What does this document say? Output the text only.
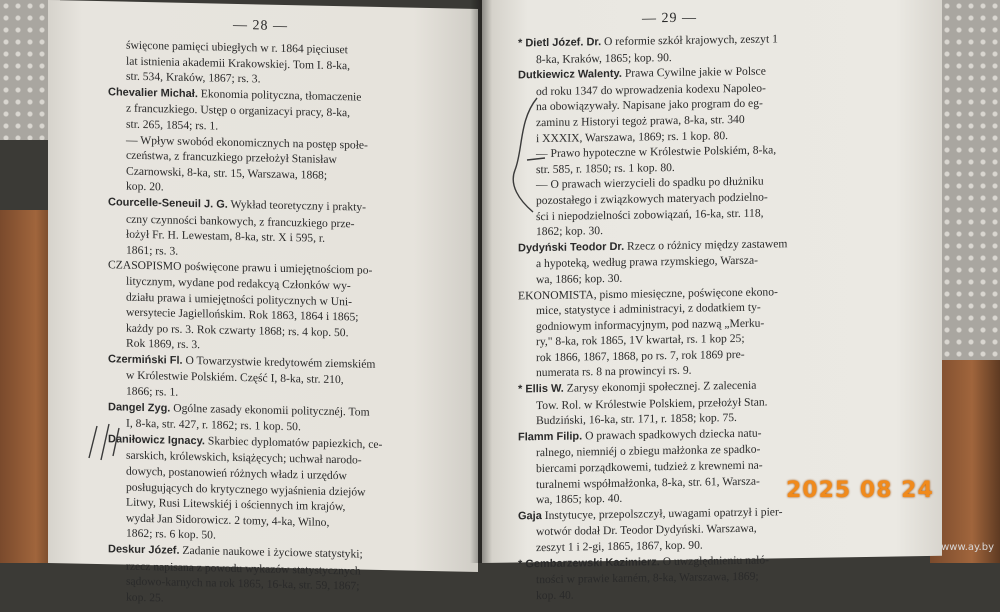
— 28 —
święcone pamięci ubiegłych w r. 1864 pięciuset
lat istnienia akademii Krakowskiej. Tom I. 8-ka,
str. 534, Kraków, 1867; rs. 3.
Chevalier Michał. Ekonomia polityczna, tłomaczenie
z francuzkiego. Ustęp o organizacyi pracy, 8-ka,
str. 265, 1854; rs. 1.
— Wpływ swobód ekonomicznych na postęp społe-
czeństwa, z francuzkiego przełożył Stanisław
Czarnowski, 8-ka, str. 15, Warszawa, 1868;
kop. 20.
Courcelle-Seneuil J. G. Wykład teoretyczny i prakty-
czny czynności bankowych, z francuzkiego prze-
łożył Fr. H. Lewestam, 8-ka, str. X i 595, r.
1861; rs. 3.
CZASOPISMO poświęcone prawu i umiejętnościom po-
litycznym, wydane pod redakcyą Członków wy-
działu prawa i umiejętności politycznych w Uni-
wersytecie Jagiellońskim. Rok 1863, 1864 i 1865;
każdy po rs. 3. Rok czwarty 1868; rs. 4 kop. 50.
Rok 1869, rs. 3.
Czermiński Fl. O Towarzystwie kredytowém ziemskiém
w Królestwie Polskiém. Część I, 8-ka, str. 210,
1866; rs. 1.
Dangel Zyg. Ogólne zasady ekonomii politycznéj. Tom
I, 8-ka, str. 427, r. 1862; rs. 1 kop. 50.
Daniłowicz Ignacy. Skarbiec dyplomatów papiezkich, ce-
sarskich, królewskich, książęcych; uchwał narodo-
dowych, postanowień różnych władz i urzędów
posługujących do krytycznego wyjaśnienia dziejów
Litwy, Rusi Litewskiéj i ościennych im krajów,
wydał Jan Sidorowicz. 2 tomy, 4-ka, Wilno,
1862; rs. 6 kop. 50.
Deskur Józef. Zadanie naukowe i życiowe statystyki;
rzecz napisana z powodu wykazów statystycznych
sądowo-karnych na rok 1865, 16-ka, str. 59, 1867;
kop. 25.
— 29 —
* Dietl Józef. Dr. O reformie szkół krajowych, zeszyt 1
8-ka, Kraków, 1865; kop. 90.
Dutkiewicz Walenty. Prawa Cywilne jakie w Polsce
od roku 1347 do wprowadzenia kodexu Napoleo-
na obowiązywały. Napisane jako program do eg-
zaminu z Historyi tegoż prawa, 8-ka, str. 340
i XXXIX, Warszawa, 1869; rs. 1 kop. 80.
— Prawo hypoteczne w Królestwie Polskiém, 8-ka,
str. 585, r. 1850; rs. 1 kop. 80.
— O prawach wierzycieli do spadku po dłużniku
pozostałego i związkowych materyach podzielno-
ści i niepodzielności zobowiązań, 16-ka, str. 118,
1862; kop. 30.
Dydyński Teodor Dr. Rzecz o różnicy między zastawem
a hypoteką, według prawa rzymskiego, Warsza-
wa, 1866; kop. 30.
EKONOMISTA, pismo miesięczne, poświęcone ekono-
mice, statystyce i administracyi, z dodatkiem ty-
godniowym informacyjnym, pod nazwą „Merku-
ry," 8-ka, rok 1865, 1V kwartał, rs. 1 kop 25;
rok 1866, 1867, 1868, po rs. 7, rok 1869 pre-
numerata rs. 8 na prowincyi rs. 9.
* Ellis W. Zarysy ekonomji społecznej. Z zalecenia
Tow. Rol. w Królestwie Polskiem, przełożył Stan.
Budziński, 16-ka, str. 171, r. 1858; kop. 75.
Flamm Filip. O prawach spadkowych dziecka natu-
ralnego, niemniéj o zbiegu małżonka ze spadko-
biercami porządkowemi, tudzież z krewnemi na-
turalnemi współmałżonka, 8-ka, str. 61, Warsza-
wa, 1865; kop. 40.
Gaja Instytucye, przepolszczył, uwagami opatrzył i pier-
wotwór dodał Dr. Teodor Dydyński. Warszawa,
zeszyt 1 i 2-gi, 1865, 1867, kop. 90.
* Gembarzewski Kazimierz. O uwzględnieniu nałó-
tności w prawie karném, 8-ka, Warszawa, 1869;
kop. 40.
2025 08 24
www.ay.by
